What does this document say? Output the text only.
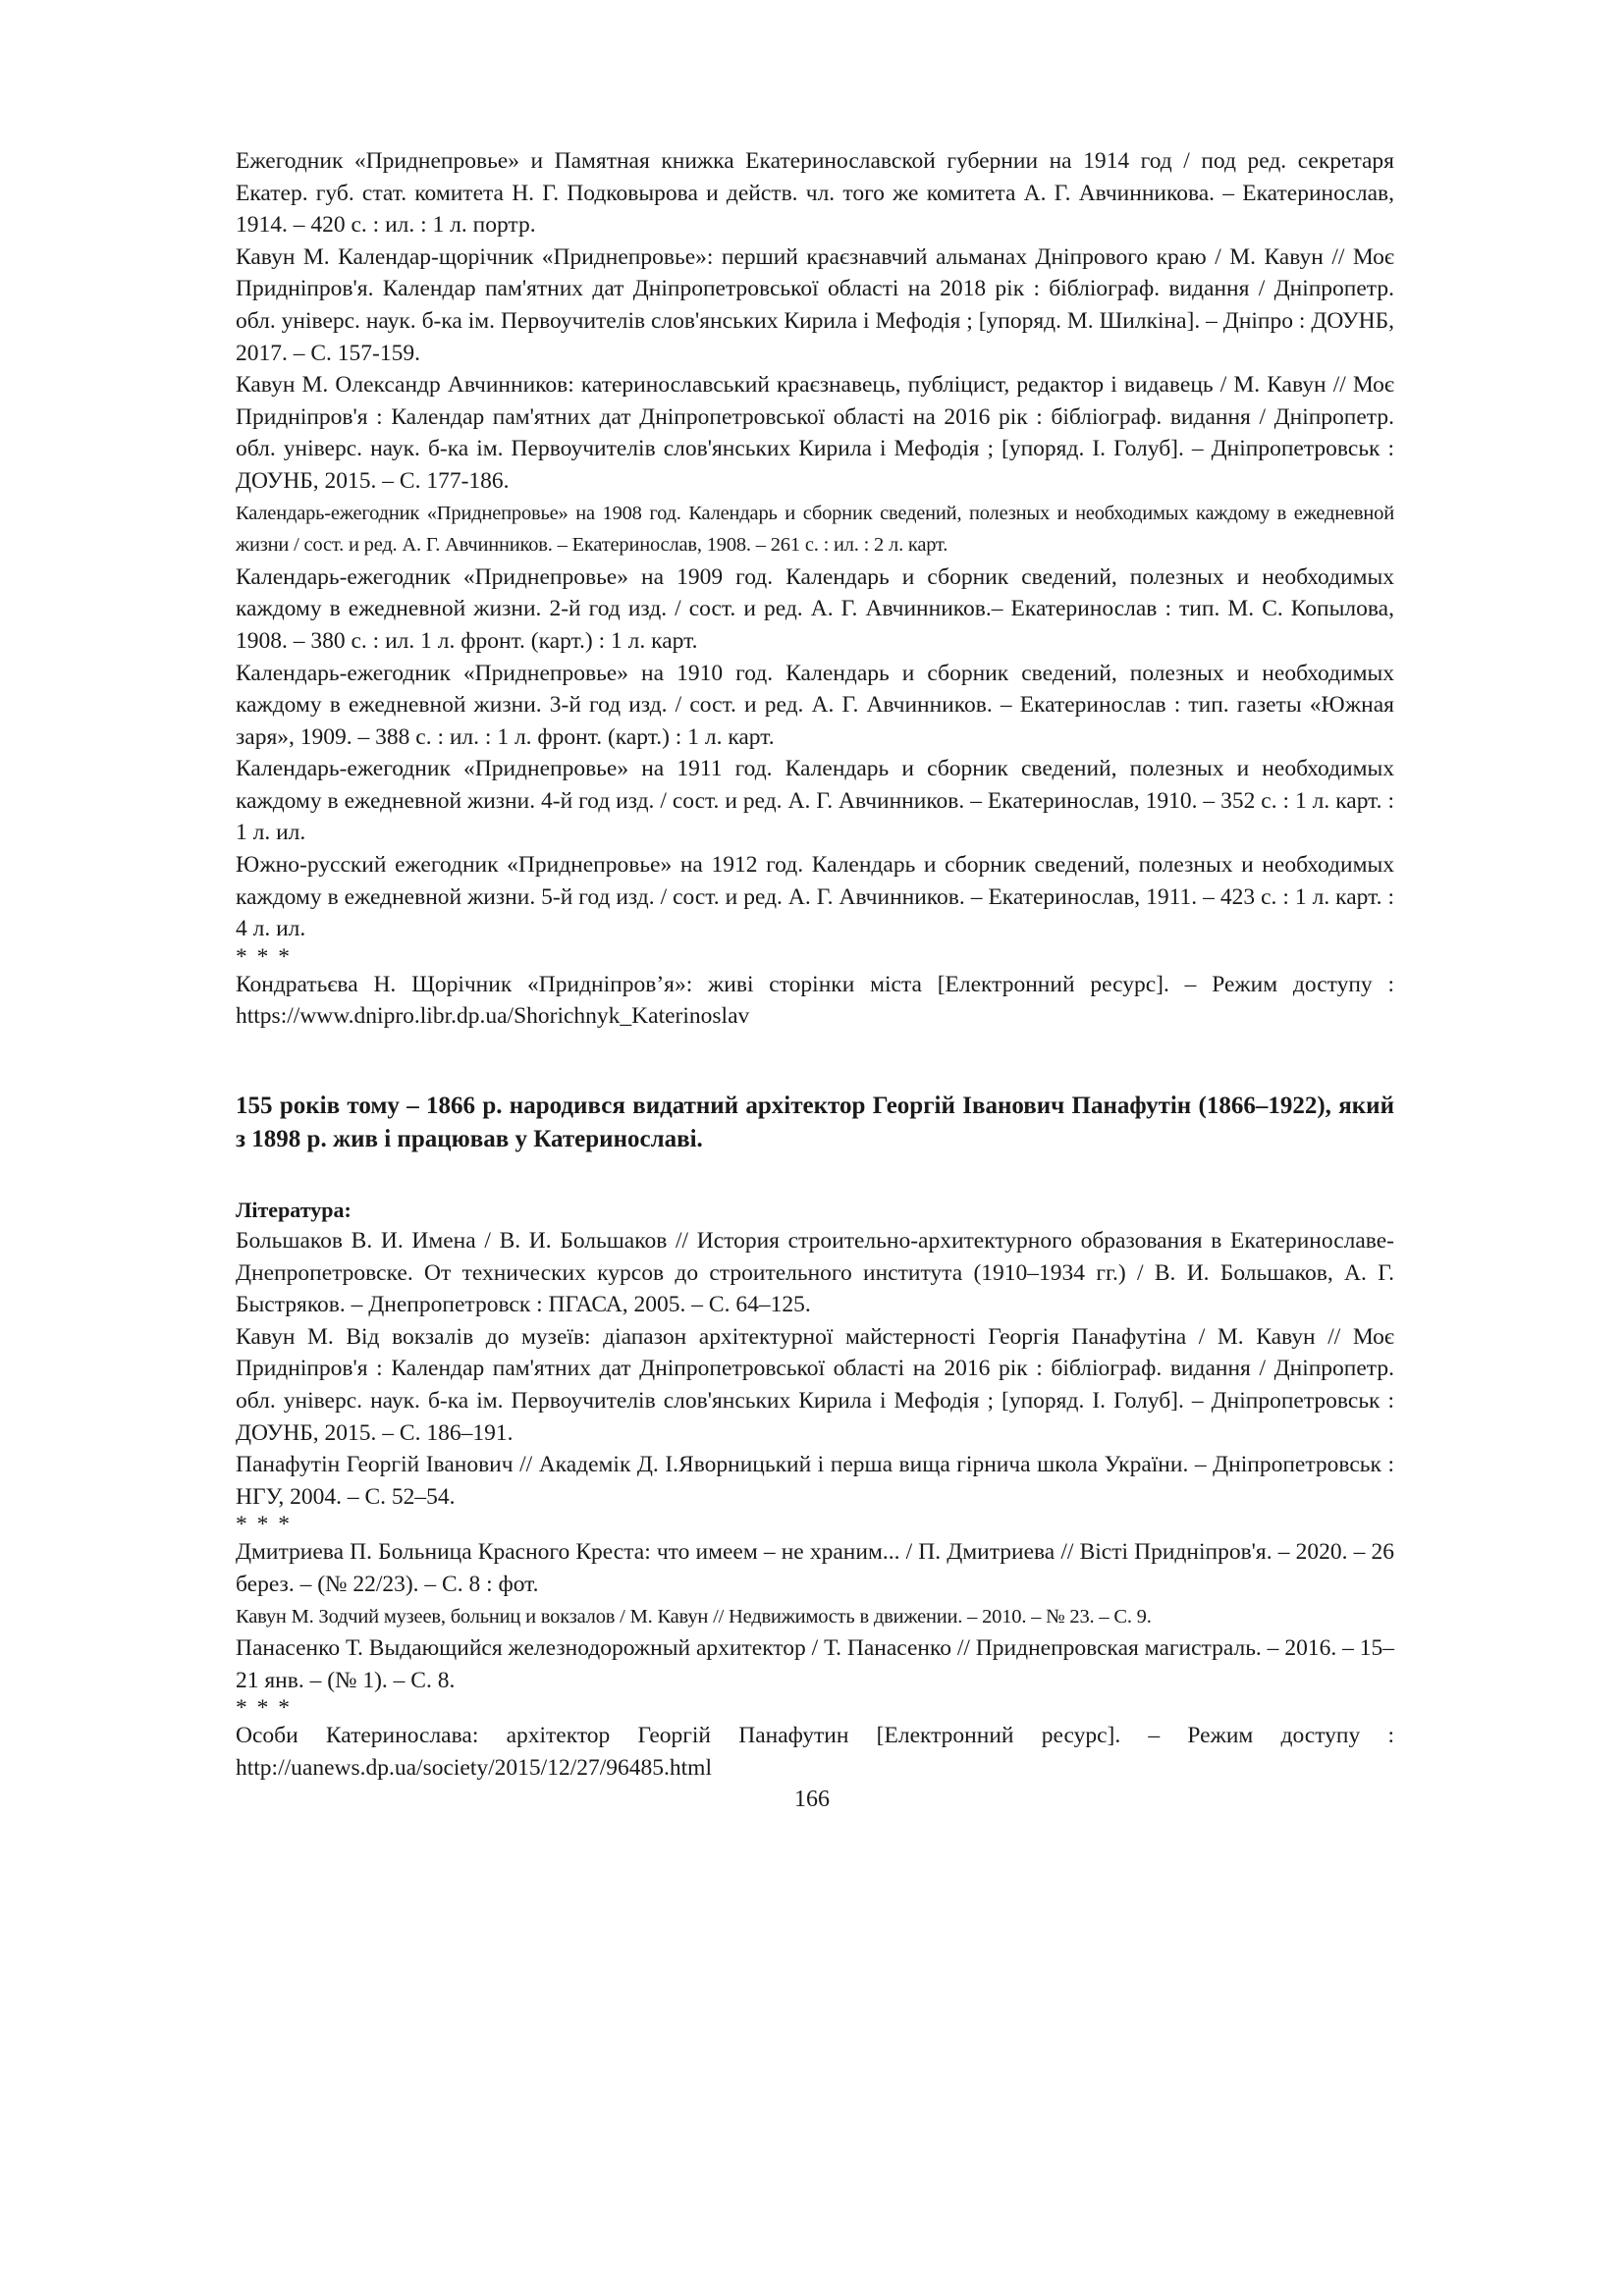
Ежегодник «Приднепровье» и Памятная книжка Екатеринославской губернии на 1914 год / под ред. секретаря Екатер. губ. стат. комитета Н. Г. Подковырова и действ. чл. того же комитета А. Г. Авчинникова. – Екатеринослав, 1914. – 420 с. : ил. : 1 л. портр.

Кавун М. Календар-щорічник «Приднепровье»: перший краєзнавчий альманах Дніпрового краю / М. Кавун // Моє Придніпров'я. Календар пам'ятних дат Дніпропетровської області на 2018 рік : бібліограф. видання / Дніпропетр. обл. універс. наук. б-ка ім. Первоучителів слов'янських Кирила і Мефодія ; [упоряд. М. Шилкіна]. – Дніпро : ДОУНБ, 2017. – С. 157-159.

Кавун М. Олександр Авчинников: катеринославський краєзнавець, публіцист, редактор і видавець / М. Кавун // Моє Придніпров'я : Календар пам'ятних дат Дніпропетровської області на 2016 рік : бібліограф. видання / Дніпропетр. обл. універс. наук. б-ка ім. Первоучителів слов'янських Кирила і Мефодія ; [упоряд. І. Голуб]. – Дніпропетровськ : ДОУНБ, 2015. – С. 177-186.

Календарь-ежегодник «Приднепровье» на 1908 год. Календарь и сборник сведений, полезных и необходимых каждому в ежедневной жизни / сост. и ред. А. Г. Авчинников. – Екатеринослав, 1908. – 261 с. : ил. : 2 л. карт.

Календарь-ежегодник «Приднепровье» на 1909 год. Календарь и сборник сведений, полезных и необходимых каждому в ежедневной жизни. 2-й год изд. / сост. и ред. А. Г. Авчинников.– Екатеринослав : тип. М. С. Копылова, 1908. – 380 с. : ил. 1 л. фронт. (карт.) : 1 л. карт.

Календарь-ежегодник «Приднепровье» на 1910 год. Календарь и сборник сведений, полезных и необходимых каждому в ежедневной жизни. 3-й год изд. / сост. и ред. А. Г. Авчинников. – Екатеринослав : тип. газеты «Южная заря», 1909. – 388 с. : ил. : 1 л. фронт. (карт.) : 1 л. карт.

Календарь-ежегодник «Приднепровье» на 1911 год. Календарь и сборник сведений, полезных и необходимых каждому в ежедневной жизни. 4-й год изд. / сост. и ред. А. Г. Авчинников. – Екатеринослав, 1910. – 352 с. : 1 л. карт. : 1 л. ил.

Южно-русский ежегодник «Приднепровье» на 1912 год. Календарь и сборник сведений, полезных и необходимых каждому в ежедневной жизни. 5-й год изд. / сост. и ред. А. Г. Авчинников. – Екатеринослав, 1911. – 423 с. : 1 л. карт. : 4 л. ил.

* * *

Кондратьєва Н. Щорічник «Придніпров’я»: живі сторінки міста [Електронний ресурс]. – Режим доступу : https://www.dnipro.libr.dp.ua/Shorichnyk_Katerinoslav

155 років тому – 1866 р. народився видатний архітектор Георгій Іванович Панафутін (1866–1922), який з 1898 р. жив і працював у Катеринославі.

Література:

Большаков В. И. Имена / В. И. Большаков // История строительно-архитектурного образования в Екатеринославе-Днепропетровске. От технических курсов до строительного института (1910–1934 гг.) / В. И. Большаков, А. Г. Быстряков. – Днепропетровск : ПГАСА, 2005. – С. 64–125.

Кавун М. Від вокзалів до музеїв: діапазон архітектурної майстерності Георгія Панафутіна / М. Кавун // Моє Придніпров'я : Календар пам'ятних дат Дніпропетровської області на 2016 рік : бібліограф. видання / Дніпропетр. обл. універс. наук. б-ка ім. Первоучителів слов'янських Кирила і Мефодія ; [упоряд. І. Голуб]. – Дніпропетровськ : ДОУНБ, 2015. – С. 186–191.

Панафутін Георгій Іванович // Академік Д. І.Яворницький і перша вища гірнича школа України. – Дніпропетровськ : НГУ, 2004. – С. 52–54.

* * *

Дмитриева П. Больница Красного Креста: что имеем – не храним... / П. Дмитриева // Вісті Придніпров'я. – 2020. – 26 берез. – (№ 22/23). – С. 8 : фот.

Кавун М. Зодчий музеев, больниц и вокзалов / М. Кавун // Недвижимость в движении. – 2010. – № 23. – С. 9.

Панасенко Т. Выдающийся железнодорожный архитектор / Т. Панасенко // Приднепровская магистраль. – 2016. – 15–21 янв. – (№ 1). – С. 8.

* * *

Особи Катеринослава: архітектор Георгій Панафутин [Електронний ресурс]. – Режим доступу : http://uanews.dp.ua/society/2015/12/27/96485.html

166
